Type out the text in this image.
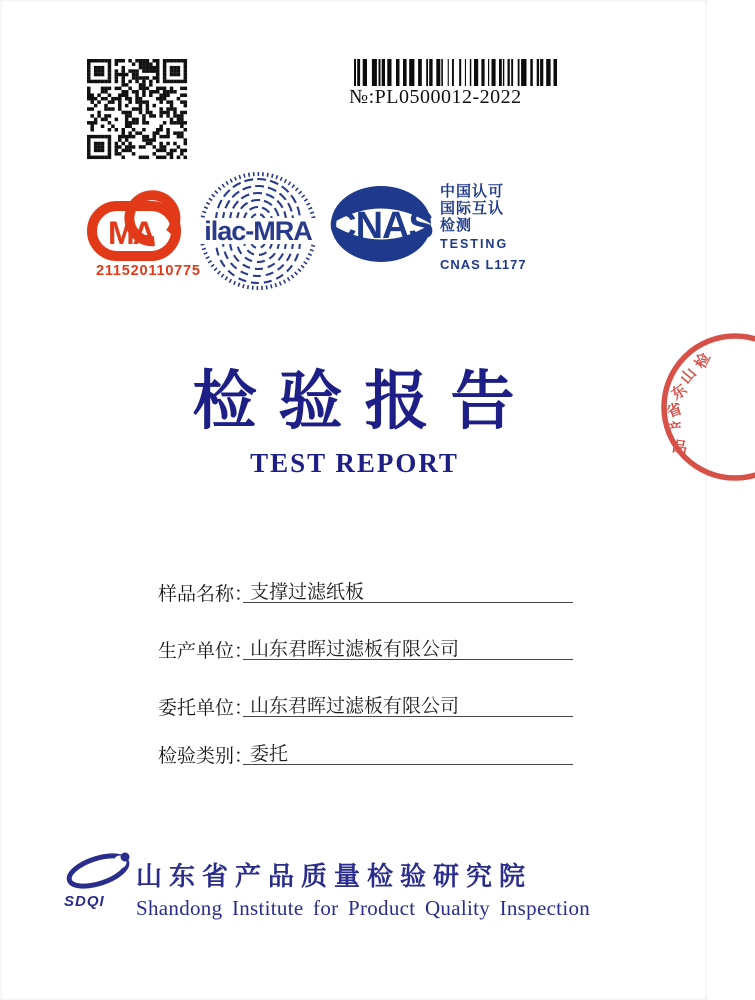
№:PL0500012-2022
MA
211520110775
ilac-MRA CNAS
中国认可
国际互认
检测
TESTING
CNAS L1177
检
山
东
省
产
品
检验报告
TEST REPORT
样品名称：
支撑过滤纸板
生产单位：
山东君晖过滤板有限公司
委托单位：
山东君晖过滤板有限公司
检验类别：
委托
SDQI
山东省产品质量检验研究院
Shandong Institute for Product Quality Inspection
